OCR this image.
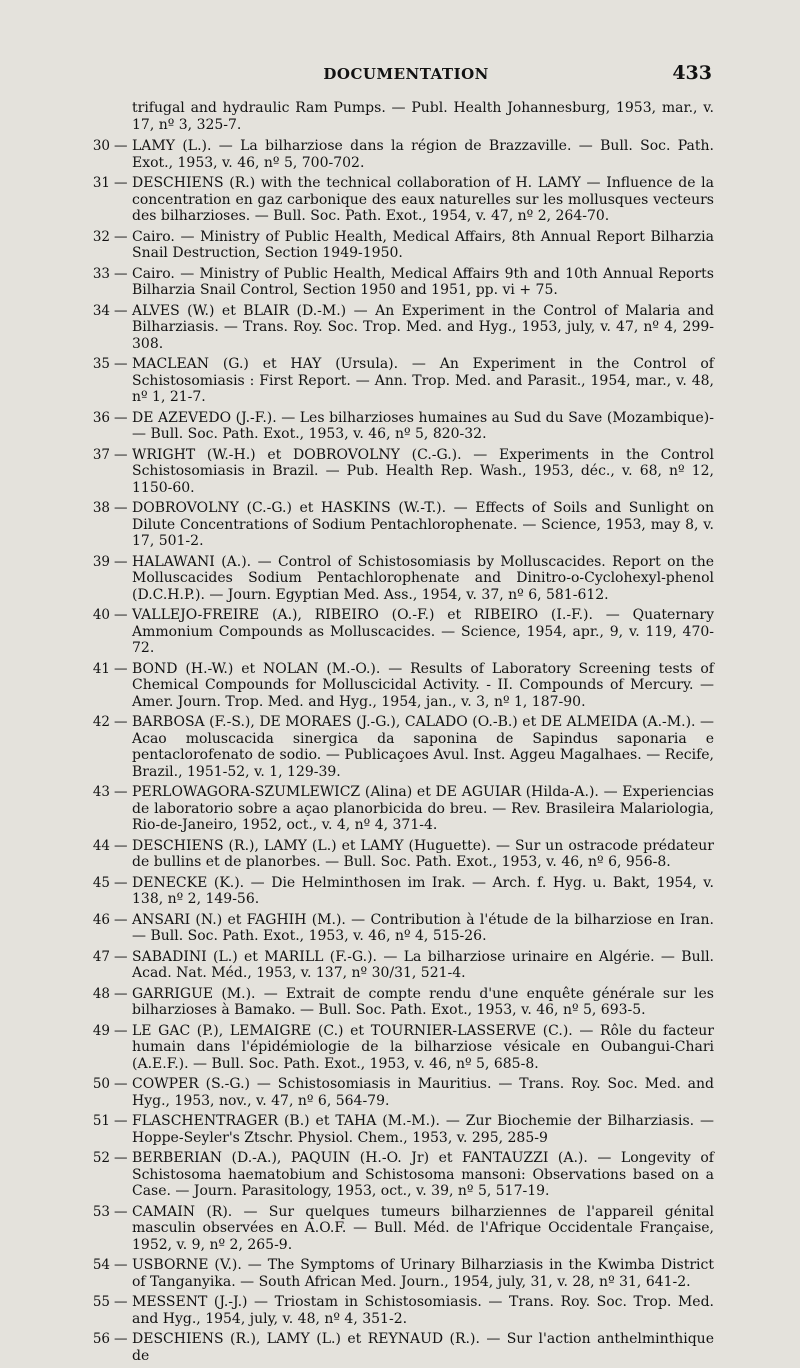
DOCUMENTATION	433
trifugal and hydraulic Ram Pumps. — Publ. Health Johannesburg, 1953, mar., v. 17, nº 3, 325-7.
30 — LAMY (L.). — La bilharziose dans la région de Brazzaville. — Bull. Soc. Path. Exot., 1953, v. 46, nº 5, 700-702.
31 — DESCHIENS (R.) with the technical collaboration of H. LAMY — Influence de la concentration en gaz carbonique des eaux naturelles sur les mollusques vecteurs des bilharzioses. — Bull. Soc. Path. Exot., 1954, v. 47, nº 2, 264-70.
32 — Cairo. — Ministry of Public Health, Medical Affairs, 8th Annual Report Bilharzia Snail Destruction, Section 1949-1950.
33 — Cairo. — Ministry of Public Health, Medical Affairs 9th and 10th Annual Reports Bilharzia Snail Control, Section 1950 and 1951, pp. vi + 75.
34 — ALVES (W.) et BLAIR (D.-M.) — An Experiment in the Control of Malaria and Bilharziasis. — Trans. Roy. Soc. Trop. Med. and Hyg., 1953, july, v. 47, nº 4, 299-308.
35 — MACLEAN (G.) et HAY (Ursula). — An Experiment in the Control of Schistosomiasis : First Report. — Ann. Trop. Med. and Parasit., 1954, mar., v. 48, nº 1, 21-7.
36 — DE AZEVEDO (J.-F.). — Les bilharzioses humaines au Sud du Save (Mozambique)- — Bull. Soc. Path. Exot., 1953, v. 46, nº 5, 820-32.
37 — WRIGHT (W.-H.) et DOBROVOLNY (C.-G.). — Experiments in the Control Schistosomiasis in Brazil. — Pub. Health Rep. Wash., 1953, déc., v. 68, nº 12, 1150-60.
38 — DOBROVOLNY (C.-G.) et HASKINS (W.-T.). — Effects of Soils and Sunlight on Dilute Concentrations of Sodium Pentachlorophenate. — Science, 1953, may 8, v. 17, 501-2.
39 — HALAWANI (A.). — Control of Schistosomiasis by Molluscacides. Report on the Molluscacides Sodium Pentachlorophenate and Dinitro-o-Cyclohexyl-phenol (D.C.H.P.). — Journ. Egyptian Med. Ass., 1954, v. 37, nº 6, 581-612.
40 — VALLEJO-FREIRE (A.), RIBEIRO (O.-F.) et RIBEIRO (I.-F.). — Quaternary Ammonium Compounds as Molluscacides. — Science, 1954, apr., 9, v. 119, 470-72.
41 — BOND (H.-W.) et NOLAN (M.-O.). — Results of Laboratory Screening tests of Chemical Compounds for Molluscicidal Activity. - II. Compounds of Mercury. — Amer. Journ. Trop. Med. and Hyg., 1954, jan., v. 3, nº 1, 187-90.
42 — BARBOSA (F.-S.), DE MORAES (J.-G.), CALADO (O.-B.) et DE ALMEIDA (A.-M.). — Acao moluscacida sinergica da saponina de Sapindus saponaria e pentaclorofenato de sodio. — Publicaçoes Avul. Inst. Aggeu Magalhaes. — Recife, Brazil., 1951-52, v. 1, 129-39.
43 — PERLOWAGORA-SZUMLEWICZ (Alina) et DE AGUIAR (Hilda-A.). — Experiencias de laboratorio sobre a açao planorbicida do breu. — Rev. Brasileira Malariologia, Rio-de-Janeiro, 1952, oct., v. 4, nº 4, 371-4.
44 — DESCHIENS (R.), LAMY (L.) et LAMY (Huguette). — Sur un ostracode prédateur de bullins et de planorbes. — Bull. Soc. Path. Exot., 1953, v. 46, nº 6, 956-8.
45 — DENECKE (K.). — Die Helminthosen im Irak. — Arch. f. Hyg. u. Bakt, 1954, v. 138, nº 2, 149-56.
46 — ANSARI (N.) et FAGHIH (M.). — Contribution à l'étude de la bilharziose en Iran. — Bull. Soc. Path. Exot., 1953, v. 46, nº 4, 515-26.
47 — SABADINI (L.) et MARILL (F.-G.). — La bilharziose urinaire en Algérie. — Bull. Acad. Nat. Méd., 1953, v. 137, nº 30/31, 521-4.
48 — GARRIGUE (M.). — Extrait de compte rendu d'une enquête générale sur les bilharzioses à Bamako. — Bull. Soc. Path. Exot., 1953, v. 46, nº 5, 693-5.
49 — LE GAC (P.), LEMAIGRE (C.) et TOURNIER-LASSERVE (C.). — Rôle du facteur humain dans l'épidémiologie de la bilharziose vésicale en Oubangui-Chari (A.E.F.). — Bull. Soc. Path. Exot., 1953, v. 46, nº 5, 685-8.
50 — COWPER (S.-G.) — Schistosomiasis in Mauritius. — Trans. Roy. Soc. Med. and Hyg., 1953, nov., v. 47, nº 6, 564-79.
51 — FLASCHENTRAGER (B.) et TAHA (M.-M.). — Zur Biochemie der Bilharziasis. — Hoppe-Seyler's Ztschr. Physiol. Chem., 1953, v. 295, 285-9
52 — BERBERIAN (D.-A.), PAQUIN (H.-O. Jr) et FANTAUZZI (A.). — Longevity of Schistosoma haematobium and Schistosoma mansoni: Observations based on a Case. — Journ. Parasitology, 1953, oct., v. 39, nº 5, 517-19.
53 — CAMAIN (R). — Sur quelques tumeurs bilharziennes de l'appareil génital masculin observées en A.O.F. — Bull. Méd. de l'Afrique Occidentale Française, 1952, v. 9, nº 2, 265-9.
54 — USBORNE (V.). — The Symptoms of Urinary Bilharziasis in the Kwimba District of Tanganyika. — South African Med. Journ., 1954, july, 31, v. 28, nº 31, 641-2.
55 — MESSENT (J.-J.) — Triostam in Schistosomiasis. — Trans. Roy. Soc. Trop. Med. and Hyg., 1954, july, v. 48, nº 4, 351-2.
56 — DESCHIENS (R.), LAMY (L.) et REYNAUD (R.). — Sur l'action anthelminthique de
